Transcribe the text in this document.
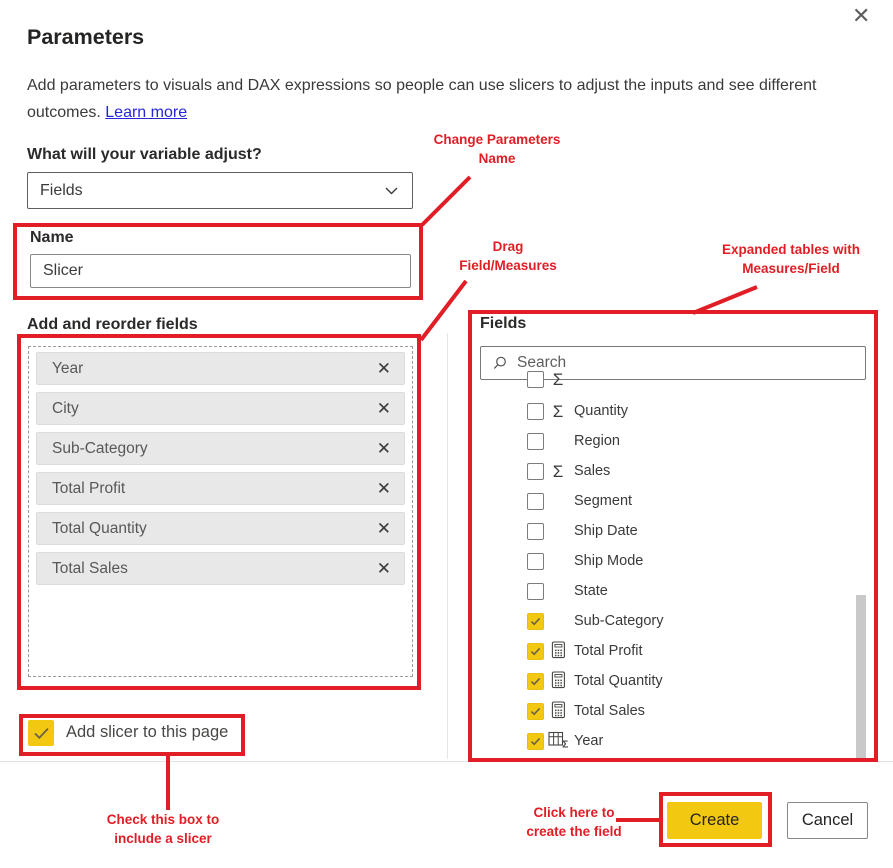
✕
Parameters
Add parameters to visuals and DAX expressions so people can use slicers to adjust the inputs and see different outcomes. Learn more
What will your variable adjust?
Fields
Name
Slicer
Add and reorder fields
Year	✕
City	✕
Sub-Category	✕
Total Profit	✕
Total Quantity	✕
Total Sales	✕
Fields
Search
Σ
Σ Quantity
Region
Σ Sales
Segment
Ship Date
Ship Mode
State
Sub-Category
Total Profit
Total Quantity
Total Sales
Σ Year
Add slicer to this page
Create	Cancel
Change Parameters
Name
Drag
Field/Measures
Expanded tables with
Measures/Field
Check this box to
include a slicer
Click here to
create the field
